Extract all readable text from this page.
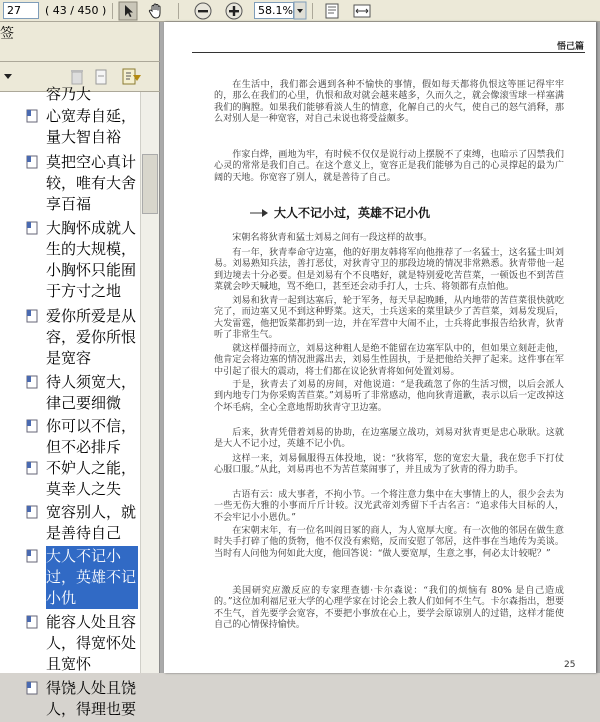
27	( 43 / 450 )	58.1%
签
容乃大
心宽寿自延，量大智自裕
莫把空心真计较，唯有大舍享百福
大胸怀成就人生的大规模，小胸怀只能囿于方寸之地
爱你所爱是从容，爱你所恨是宽容
待人须宽大，律己要细微
你可以不信，但不必排斥
不妒人之能，莫幸人之失
宽容别人，就是善待自己
大人不记小过，英雄不记小仇
能容人处且容人，得宽怀处且宽怀
得饶人处且饶人，得理也要
悟己篇
在生活中，我们都会遇到各种不愉快的事情，假如每天都将仇恨这等匪记得牢牢的，那么在我们的心里，仇恨和敌对就会越来越多，久而久之，就会像滚雪球一样塞满我们的胸膛。如果我们能够看淡人生的情意，化解自己的火气，使自己的怒气消释，那么对别人是一种宽容，对自己未说也将受益颇多。
作家白烨，画地为牢，有时候不仅仅是说行动上摆脱不了束缚，也暗示了囚禁我们心灵的常常是我们自己。在这个意义上，宽容正是我们能够为自己的心灵撑起的最为广阔的天地。你宽容了别人，就是善待了自己。
大人不记小过，英雄不记小仇
宋朝名将狄青和猛士刘易之间有一段这样的故事。
有一年，狄青奉命守边塞，他的好朋友韩将军向他推荐了一名猛士，这名猛士叫刘易。刘易熟知兵法，善打恶仗，对狄青守卫的那段边境的情况非常熟悉。狄青带他一起到边境去十分必要。但是刘易有个不良嗜好，就是特别爱吃苦苣菜，一顿饭也不到苦苣菜就会吵天喊地，骂不绝口，甚至还会动手打人，士兵、将领都有点怕他。
刘易和狄青一起到达塞后，轮于军务，每天早起晚睡，从内地带的苦苣菜很快就吃完了，而边塞又见不到这种野菜。这天，士兵送来的菜里缺少了苦苣菜，刘易发现后，大发雷霆，他把饭菜都扔到一边，并在军营中大闹不止，士兵将此事报告给狄青，狄青听了非常生气。
就这样僵持而立，刘易这种粗人是绝不能留在边塞军队中的，但如果立刻赶走他，他肯定会将边塞的情况泄露出去，刘易生性固执，于是把他给关押了起来。这件事在军中引起了很大的震动，将士们都在议论狄青将如何处置刘易。
于是，狄青去了刘易的房间，对他说道：“是我疏忽了你的生活习惯，以后会派人到内地专门为你采购苦苣菜。”刘易听了非常感动，他向狄青道歉，表示以后一定改掉这个坏毛病，全心全意地帮助狄青守卫边塞。
后来，狄青凭借着刘易的协助，在边塞屡立战功，刘易对狄青更是忠心耿耿。这就是大人不记小过，英雄不记小仇。
这样一来，刘易佩服得五体投地，说：“狄将军，您的宽宏大量，我在您手下打仗心服口服。”从此，刘易再也不为苦苣菜闹事了，并且成为了狄青的得力助手。
古语有云：成大事者，不拘小节。一个将注意力集中在大事情上的人，很少会去为一些无伤大雅的小事而斤斤计较。汉光武帝刘秀留下千古名言：“追求伟大目标的人，不会牢记小小恩仇。”
在宋朝末年，有一位名叫阎日冢的商人，为人宽厚大度。有一次他的邻居在做生意时失手打碎了他的货物，他不仅没有索赔，反而安慰了邻居，这件事在当地传为美谈。当时有人问他为何如此大度，他回答说：“做人要宽厚，生意之事，何必太计较呢？”
美国研究应激反应的专家理查德·卡尔森说：“我们的烦恼有 80% 是自己造成的。”这位加利福尼亚大学的心理学家在讨论会上教人们如何不生气。卡尔森指出，想要不生气，首先要学会宽容，不要把小事放在心上，要学会原谅别人的过错，这样才能使自己的心情保持愉快。
25
